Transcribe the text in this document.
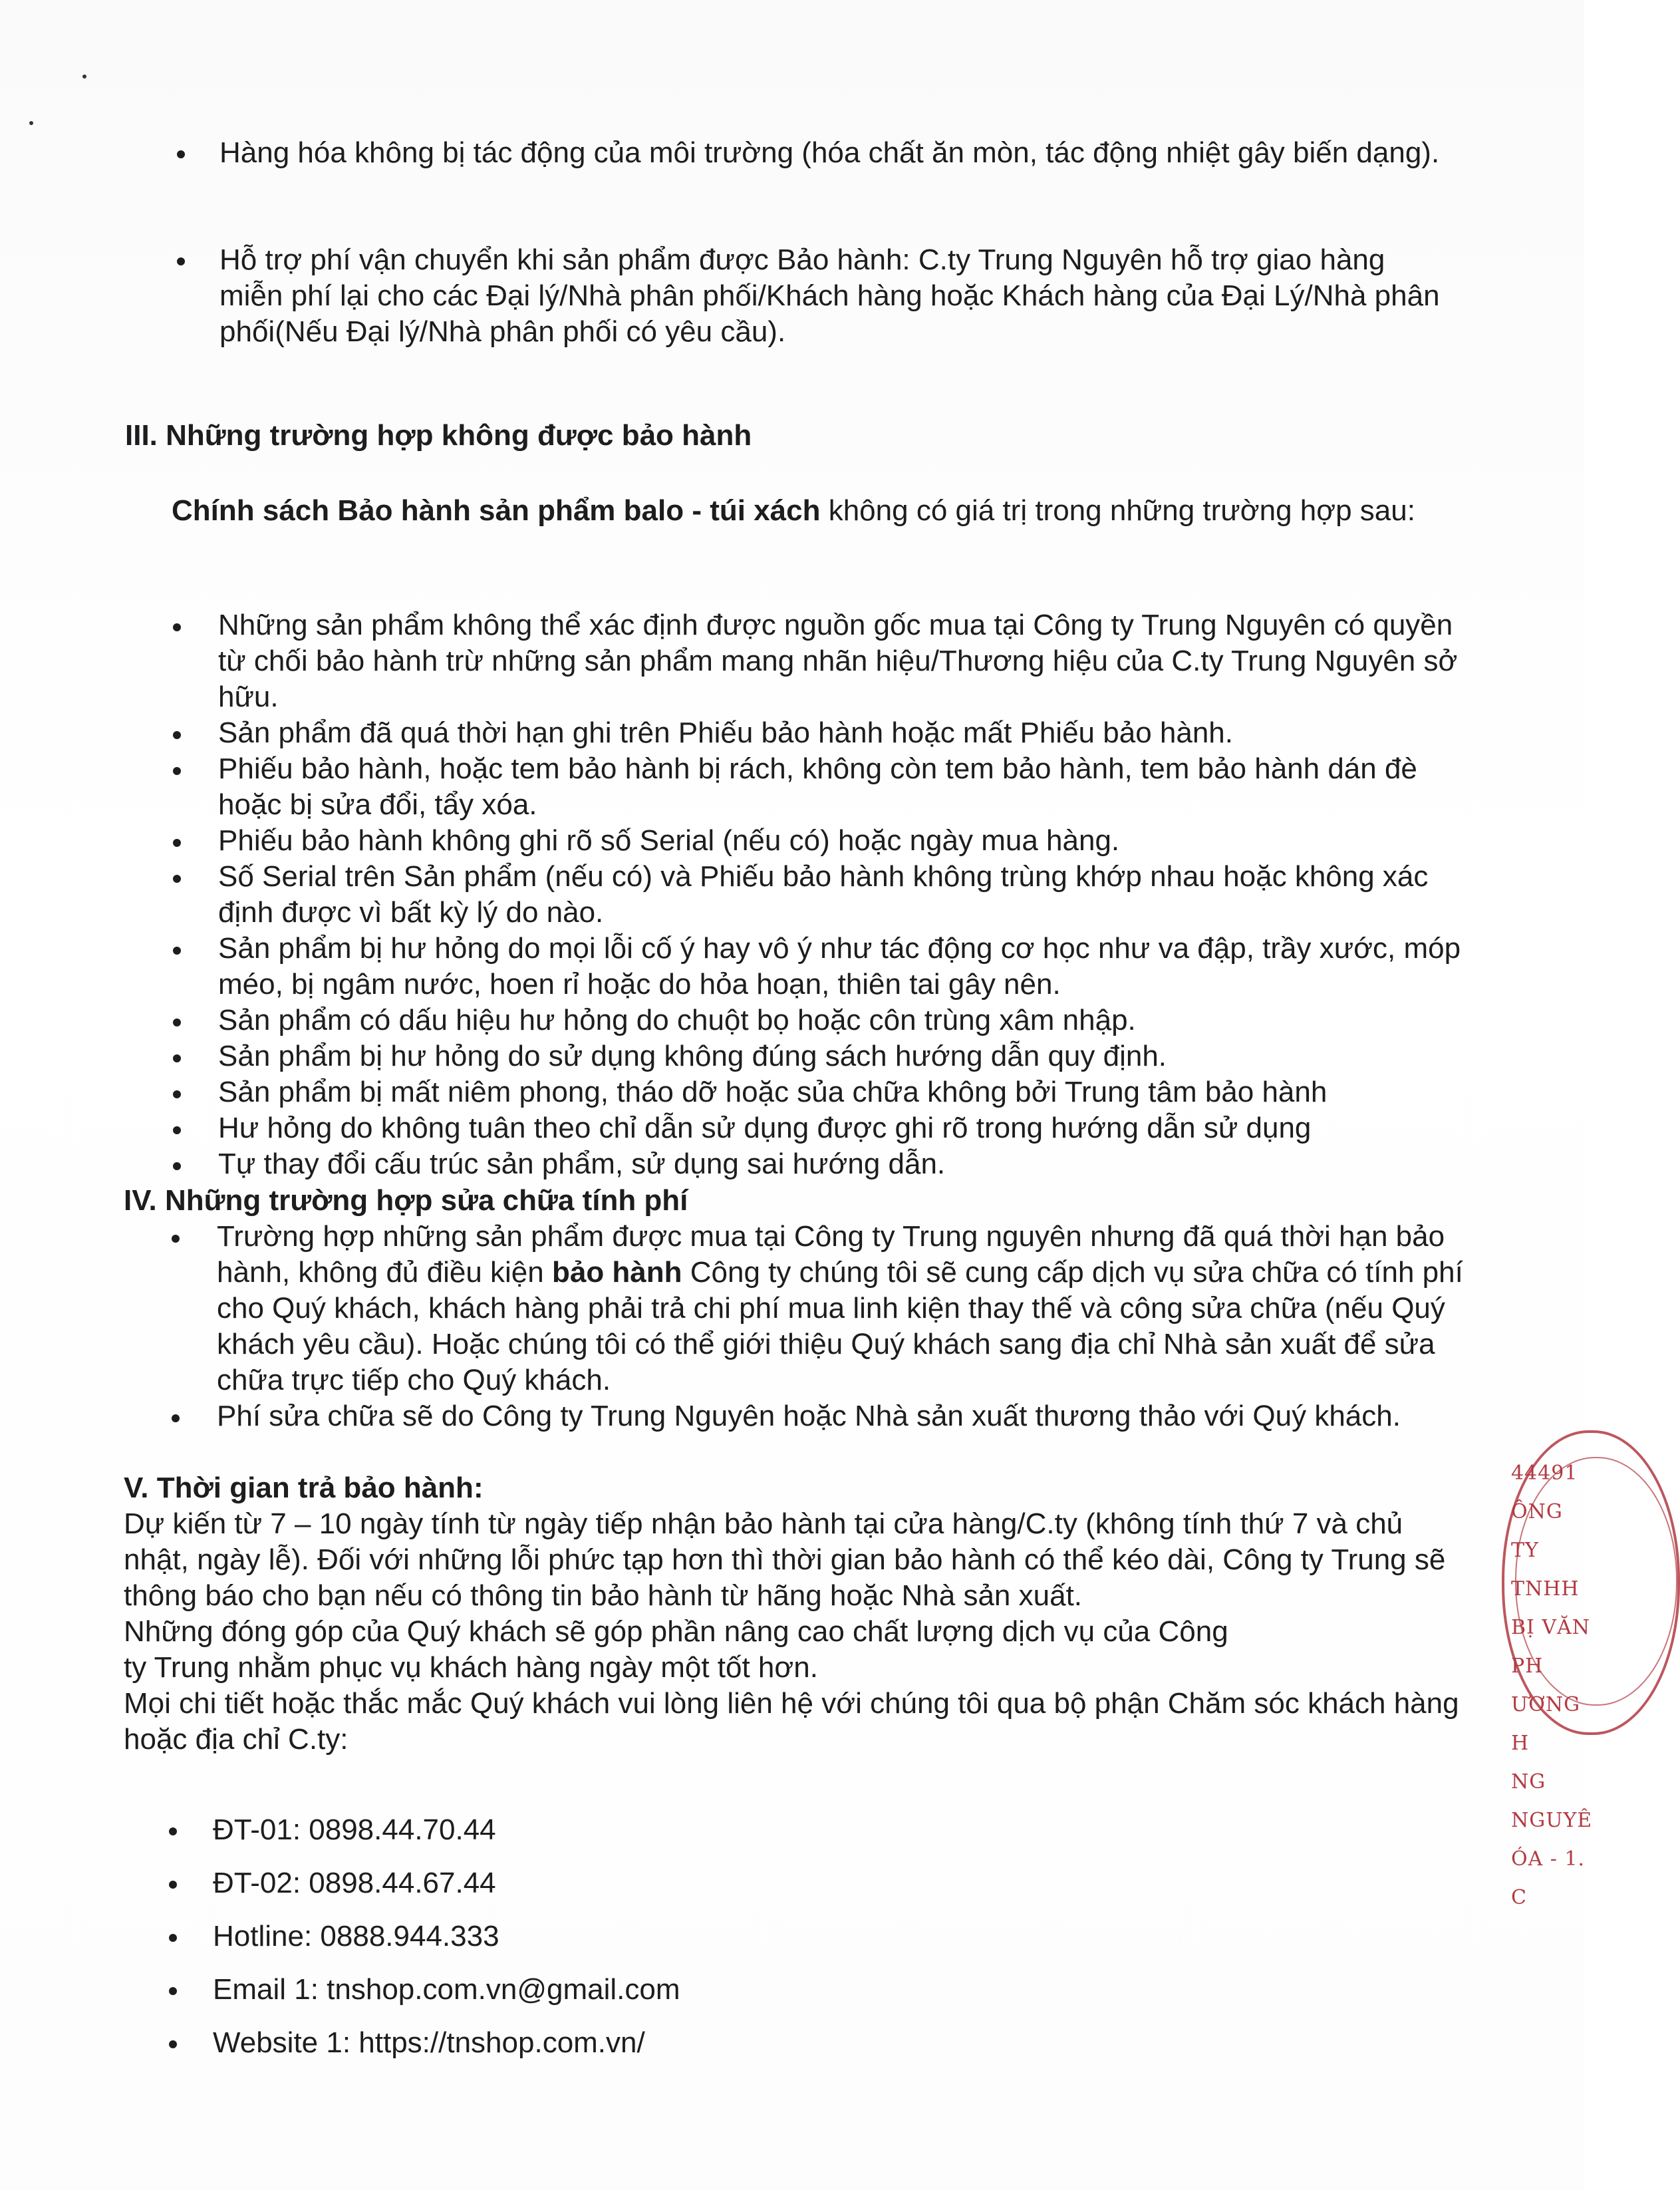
Hàng hóa không bị tác động của môi trường (hóa chất ăn mòn, tác động nhiệt gây biến dạng).
Hỗ trợ phí vận chuyển khi sản phẩm được Bảo hành: C.ty Trung Nguyên hỗ trợ giao hàng miễn phí lại cho các Đại lý/Nhà phân phối/Khách hàng hoặc Khách hàng của Đại Lý/Nhà phân phối(Nếu Đại lý/Nhà phân phối có yêu cầu).
III. Những trường hợp không được bảo hành

Chính sách Bảo hành sản phẩm balo - túi xách không có giá trị trong những trường hợp sau:

Những sản phẩm không thể xác định được nguồn gốc mua tại Công ty Trung Nguyên có quyền từ chối bảo hành trừ những sản phẩm mang nhãn hiệu/Thương hiệu của C.ty Trung Nguyên sở hữu.
Sản phẩm đã quá thời hạn ghi trên Phiếu bảo hành hoặc mất Phiếu bảo hành.
Phiếu bảo hành, hoặc tem bảo hành bị rách, không còn tem bảo hành, tem bảo hành dán đè hoặc bị sửa đổi, tẩy xóa.
Phiếu bảo hành không ghi rõ số Serial (nếu có) hoặc ngày mua hàng.
Số Serial trên Sản phẩm (nếu có) và Phiếu bảo hành không trùng khớp nhau hoặc không xác định được vì bất kỳ lý do nào.
Sản phẩm bị hư hỏng do mọi lỗi cố ý hay vô ý như tác động cơ học như va đập, trầy xước, móp méo, bị ngâm nước, hoen rỉ hoặc do hỏa hoạn, thiên tai gây nên.
Sản phẩm có dấu hiệu hư hỏng do chuột bọ hoặc côn trùng xâm nhập.
Sản phẩm bị hư hỏng do sử dụng không đúng sách hướng dẫn quy định.
Sản phẩm bị mất niêm phong, tháo dỡ hoặc sủa chữa không bởi Trung tâm bảo hành
Hư hỏng do không tuân theo chỉ dẫn sử dụng được ghi rõ trong hướng dẫn sử dụng
Tự thay đổi cấu trúc sản phẩm, sử dụng sai hướng dẫn.
IV. Những trường hợp sửa chữa tính phí
Trường hợp những sản phẩm được mua tại Công ty Trung nguyên nhưng đã quá thời hạn bảo hành, không đủ điều kiện bảo hành Công ty chúng tôi sẽ cung cấp dịch vụ sửa chữa có tính phí cho Quý khách, khách hàng phải trả chi phí mua linh kiện thay thế và công sửa chữa (nếu Quý khách yêu cầu). Hoặc chúng tôi có thể giới thiệu Quý khách sang địa chỉ Nhà sản xuất để sửa chữa trực tiếp cho Quý khách.
Phí sửa chữa sẽ do Công ty Trung Nguyên hoặc Nhà sản xuất thương thảo với Quý khách.
V. Thời gian trả bảo hành:

Dự kiến từ 7 – 10 ngày tính từ ngày tiếp nhận bảo hành tại cửa hàng/C.ty (không tính thứ 7 và chủ nhật, ngày lễ). Đối với những lỗi phức tạp hơn thì thời gian bảo hành có thể kéo dài, Công ty Trung sẽ thông báo cho bạn nếu có thông tin bảo hành từ hãng hoặc Nhà sản xuất.

Những đóng góp của Quý khách sẽ góp phần nâng cao chất lượng dịch vụ của Công ty Trung nhằm phục vụ khách hàng ngày một tốt hơn.

Mọi chi tiết hoặc thắc mắc Quý khách vui lòng liên hệ với chúng tôi qua bộ phận Chăm sóc khách hàng hoặc địa chỉ C.ty:

ĐT-01: 0898.44.70.44
ĐT-02: 0898.44.67.44
Hotline: 0888.944.333
Email 1: tnshop.com.vn@gmail.com
Website 1: https://tnshop.com.vn/
44491
ÔNG TY
TNHH
BỊ VĂN PH
ƯƠNG H
NG NGUYÊ
ÓA - 1. C
